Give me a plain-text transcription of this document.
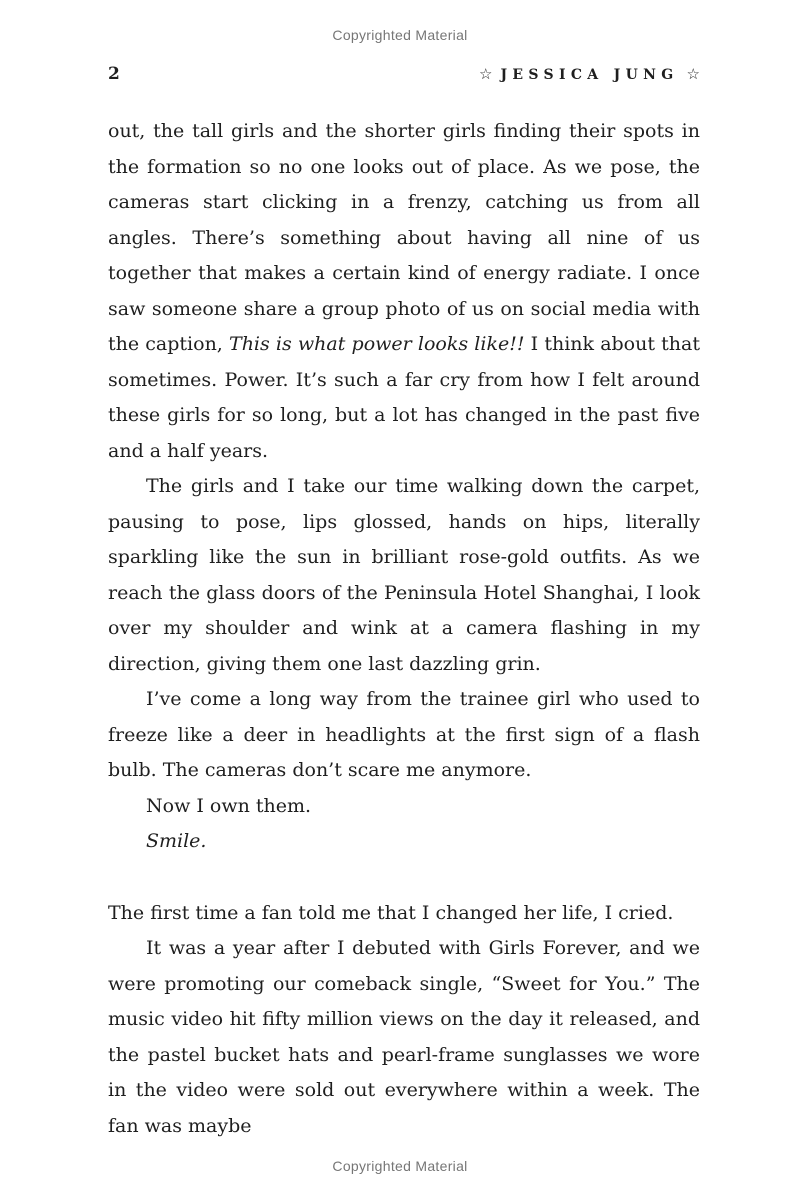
Copyrighted Material
2	☆ JESSICA JUNG ☆

out, the tall girls and the shorter girls finding their spots in the formation so no one looks out of place. As we pose, the cameras start clicking in a frenzy, catching us from all angles. There’s something about having all nine of us together that makes a certain kind of energy radiate. I once saw someone share a group photo of us on social media with the caption, This is what power looks like!! I think about that sometimes. Power. It’s such a far cry from how I felt around these girls for so long, but a lot has changed in the past five and a half years.

The girls and I take our time walking down the carpet, pausing to pose, lips glossed, hands on hips, literally sparkling like the sun in brilliant rose-gold outfits. As we reach the glass doors of the Peninsula Hotel Shanghai, I look over my shoulder and wink at a camera flashing in my direction, giving them one last dazzling grin.

I’ve come a long way from the trainee girl who used to freeze like a deer in headlights at the first sign of a flash bulb. The cameras don’t scare me anymore.

Now I own them.

Smile.

The first time a fan told me that I changed her life, I cried.

It was a year after I debuted with Girls Forever, and we were promoting our comeback single, “Sweet for You.” The music video hit fifty million views on the day it released, and the pastel bucket hats and pearl-frame sunglasses we wore in the video were sold out everywhere within a week. The fan was maybe

Copyrighted Material
